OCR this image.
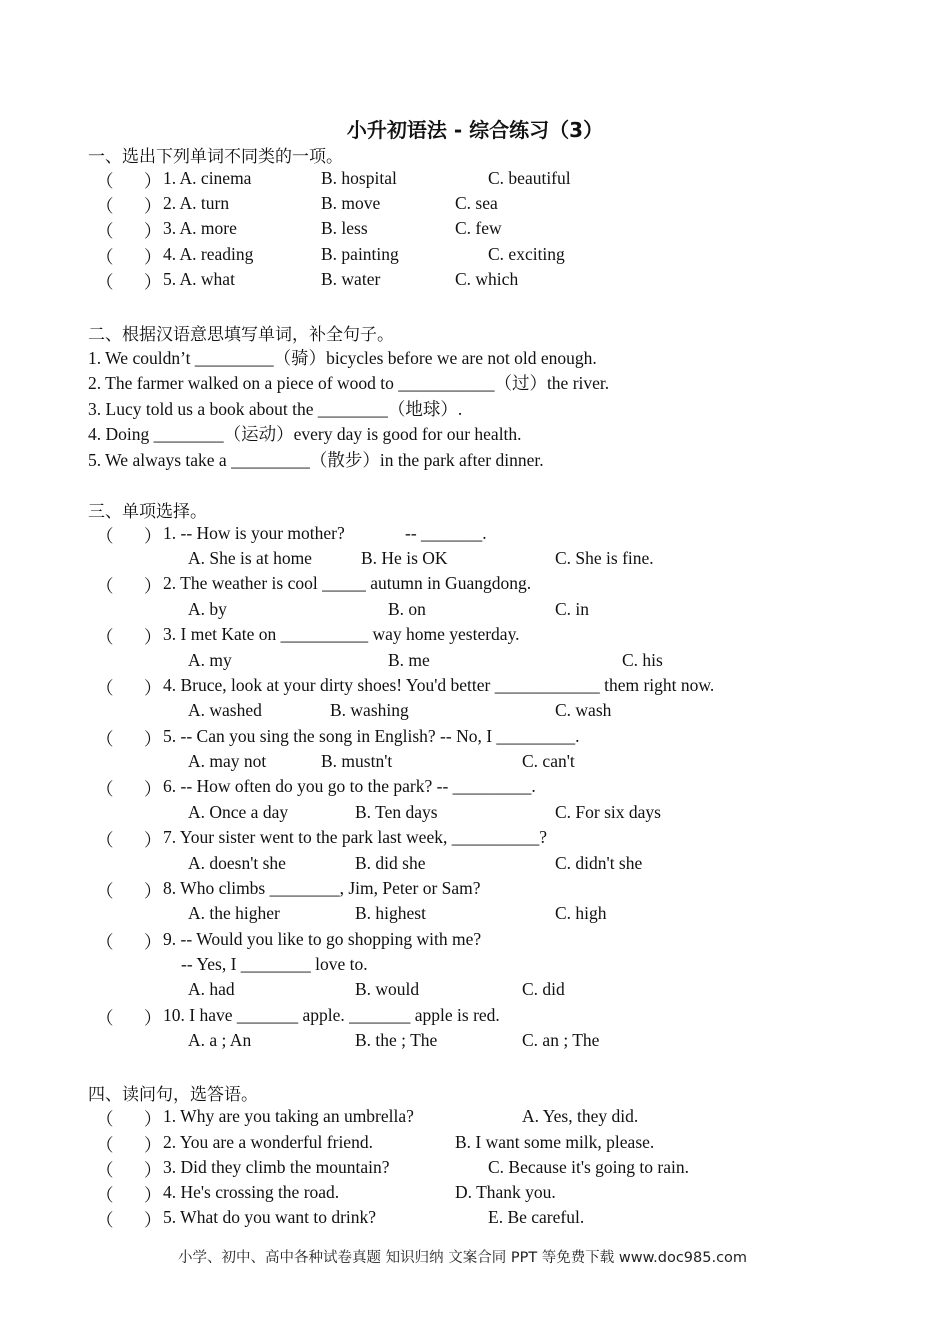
小升初语法 - 综合练习（3）
一、选出下列单词不同类的一项。
（ ） 1. A. cinema	B. hospital	C. beautiful
（ ） 2. A. turn	B. move	C. sea
（ ） 3. A. more	B. less	C. few
（ ） 4. A. reading	B. painting	C. exciting
（ ） 5. A. what	B. water	C. which
二、根据汉语意思填写单词，补全句子。
1. We couldn’t _________（骑）bicycles before we are not old enough.
2. The farmer walked on a piece of wood to ___________（过）the river.
3. Lucy told us a book about the ________（地球）.
4. Doing ________（运动）every day is good for our health.
5. We always take a _________（散步）in the park after dinner.
三、单项选择。
（ ） 1. -- How is your mother?	-- _______.
A. She is at home	B. He is OK	C. She is fine.
（ ） 2. The weather is cool _____ autumn in Guangdong.
A. by	B. on	C. in
（ ） 3. I met Kate on __________ way home yesterday.
A. my	B. me	C. his
（ ） 4. Bruce, look at your dirty shoes! You'd better ____________ them right now.
A. washed	B. washing	C. wash
（ ） 5. -- Can you sing the song in English? -- No, I _________.
A. may not	B. mustn't	C. can't
（ ） 6. -- How often do you go to the park? -- _________.
A. Once a day	B. Ten days	C. For six days
（ ） 7. Your sister went to the park last week, __________?
A. doesn't she	B. did she	C. didn't she
（ ） 8. Who climbs ________, Jim, Peter or Sam?
A. the higher	B. highest	C. high
（ ） 9. -- Would you like to go shopping with me?
-- Yes, I ________ love to.
A. had	B. would	C. did
（ ） 10. I have _______ apple. _______ apple is red.
A. a ; An	B. the ; The	C. an ; The
四、读问句，选答语。
（ ） 1. Why are you taking an umbrella?	A. Yes, they did.
（ ） 2. You are a wonderful friend.	B. I want some milk, please.
（ ） 3. Did they climb the mountain?	C. Because it's going to rain.
（ ） 4. He's crossing the road.	D. Thank you.
（ ） 5. What do you want to drink?	E. Be careful.
小学、初中、高中各种试卷真题 知识归纳 文案合同 PPT 等免费下载 www.doc985.com
